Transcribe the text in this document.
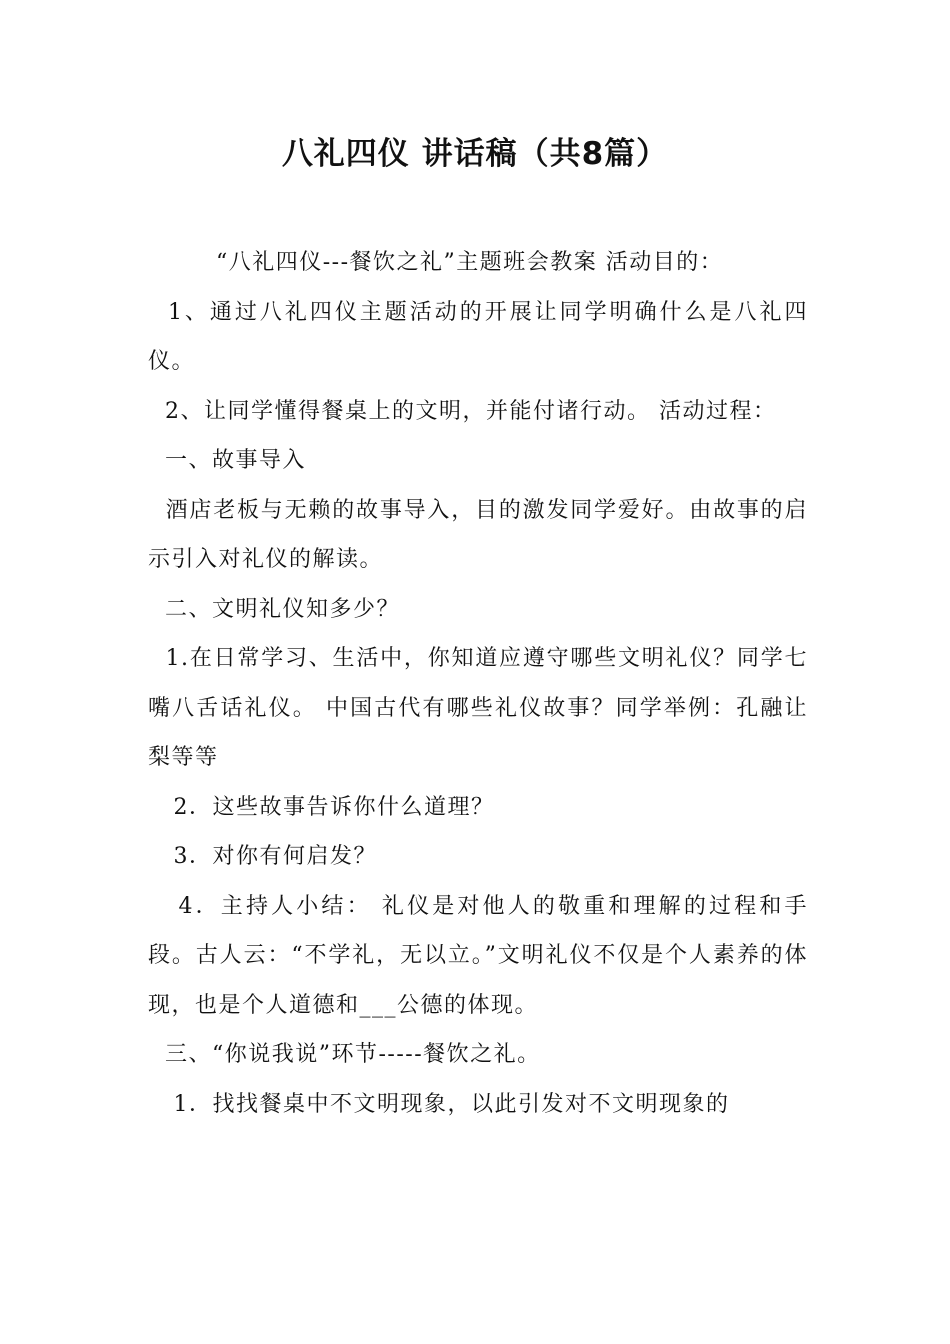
八礼四仪 讲话稿（共8篇）

“八礼四仪---餐饮之礼”主题班会教案 活动目的：

1、通过八礼四仪主题活动的开展让同学明确什么是八礼四仪。

2、让同学懂得餐桌上的文明，并能付诸行动。 活动过程：

一、故事导入

酒店老板与无赖的故事导入，目的激发同学爱好。由故事的启示引入对礼仪的解读。

二、文明礼仪知多少？

1.在日常学习、生活中，你知道应遵守哪些文明礼仪？同学七嘴八舌话礼仪。 中国古代有哪些礼仪故事？同学举例：孔融让梨等等

2．这些故事告诉你什么道理？

3．对你有何启发？

4．主持人小结： 礼仪是对他人的敬重和理解的过程和手段。古人云：“不学礼，无以立。”文明礼仪不仅是个人素养的体现，也是个人道德和___公德的体现。

三、“你说我说”环节-----餐饮之礼。

1．找找餐桌中不文明现象，以此引发对不文明现象的
